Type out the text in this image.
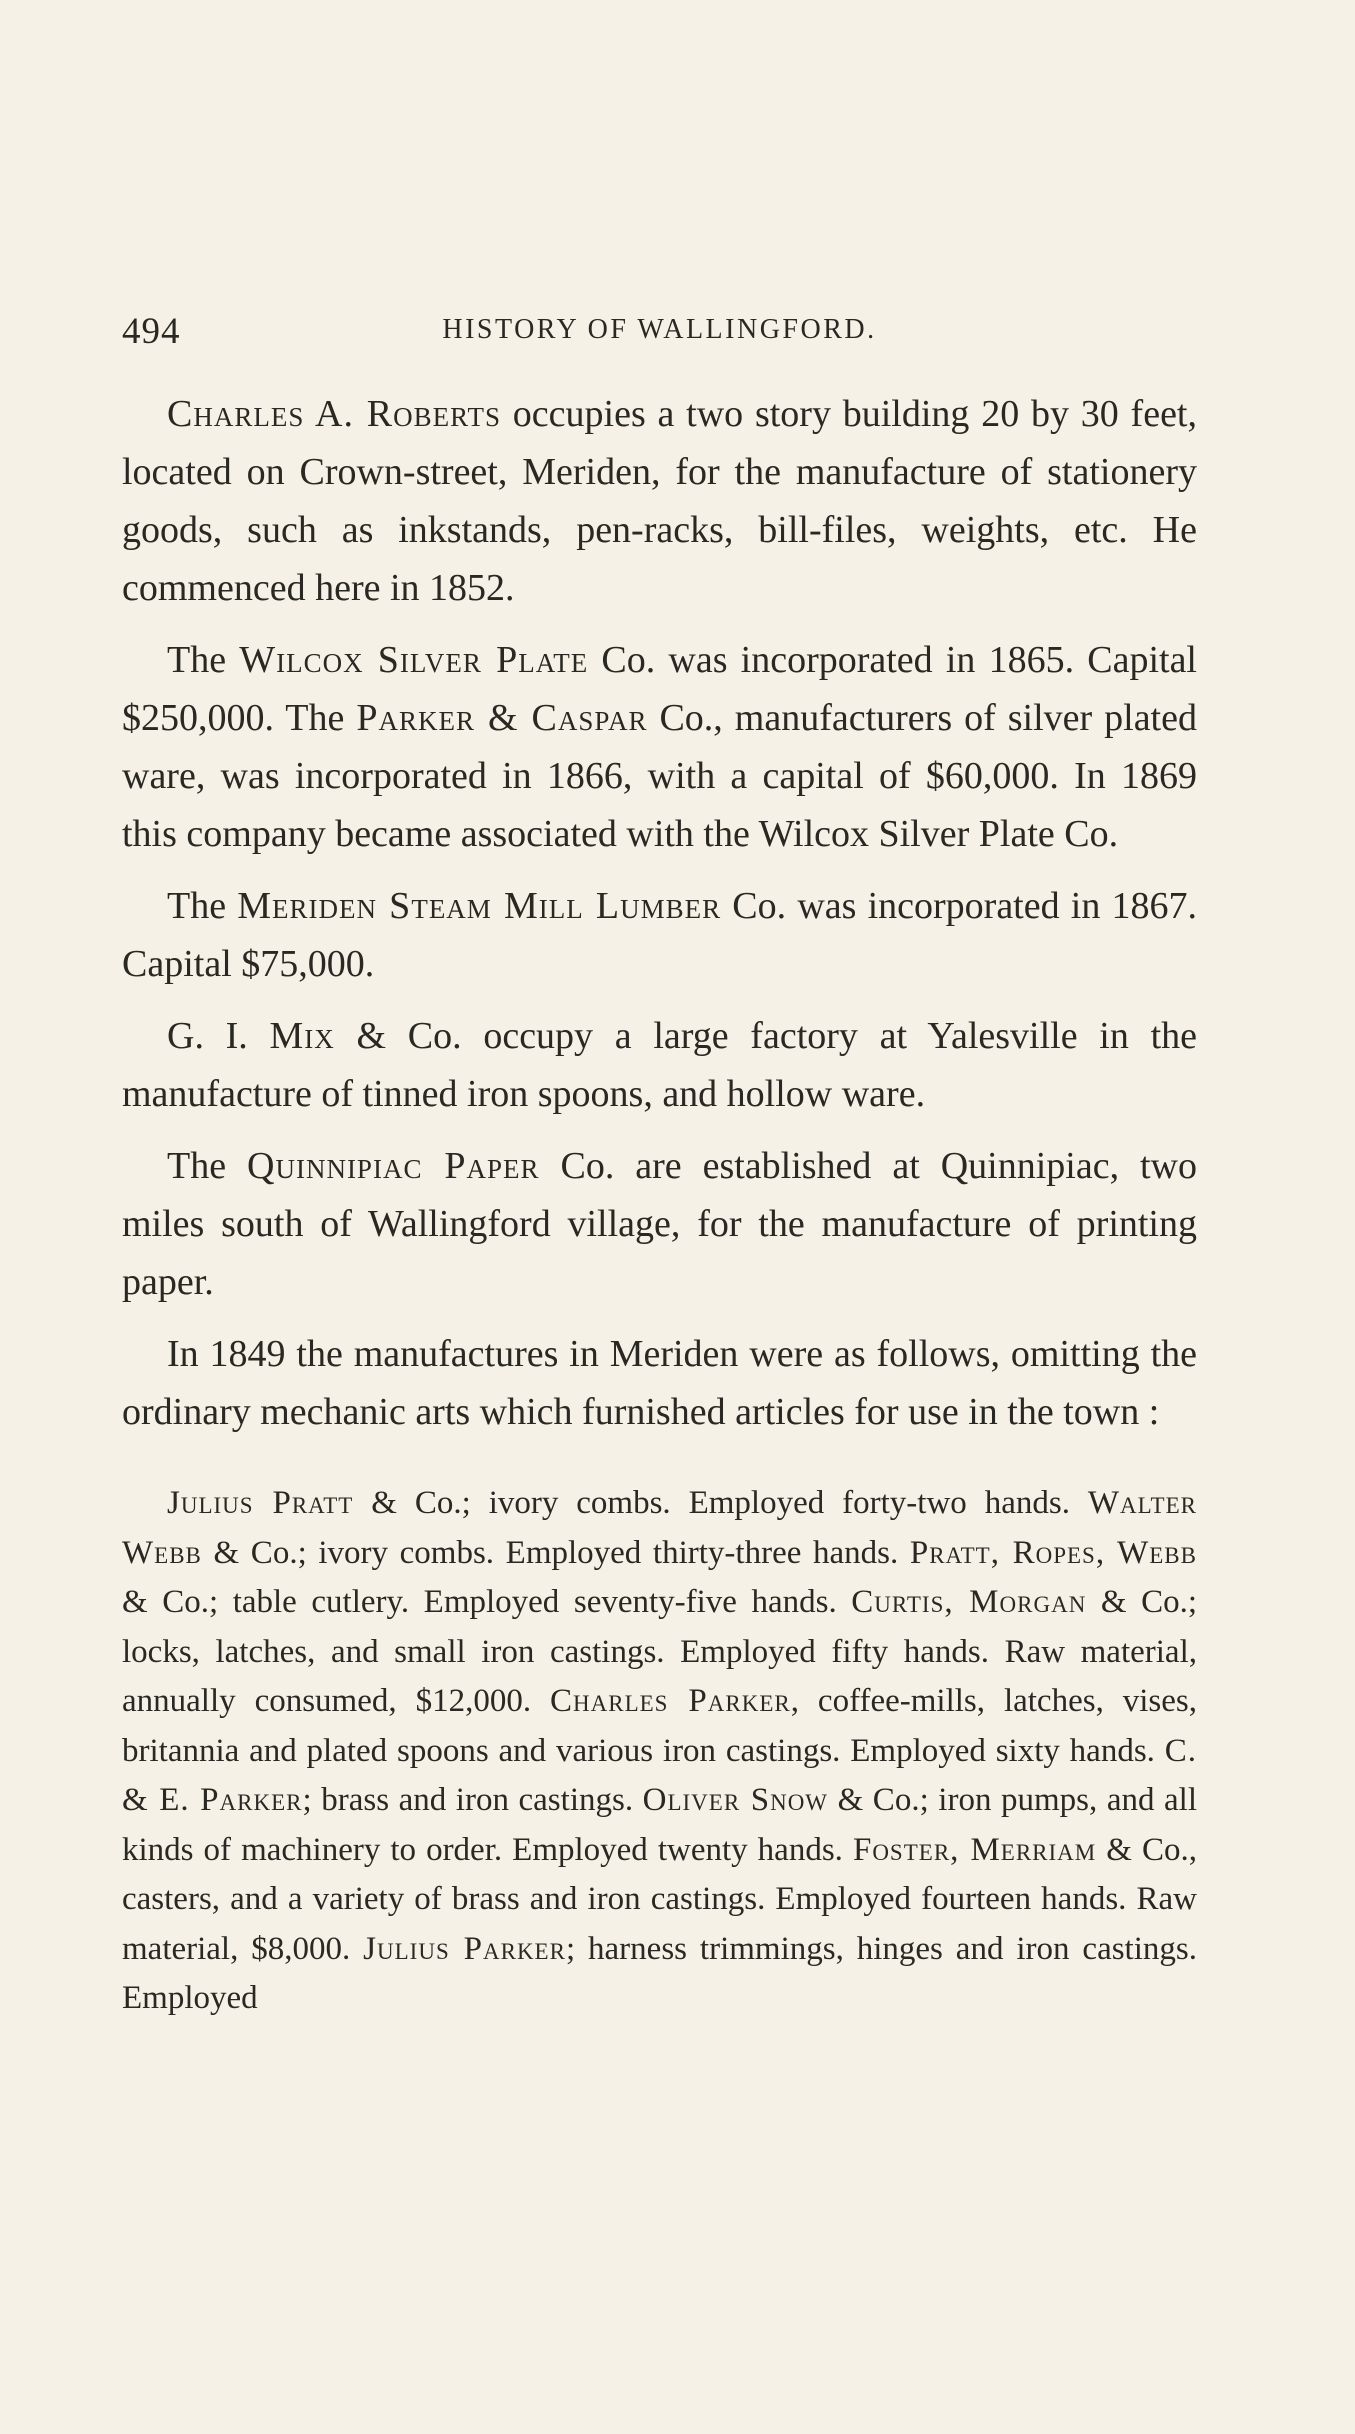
494	HISTORY OF WALLINGFORD.

Charles A. Roberts occupies a two story building 20 by 30 feet, located on Crown-street, Meriden, for the manufacture of stationery goods, such as inkstands, pen-racks, bill-files, weights, etc. He commenced here in 1852.

The Wilcox Silver Plate Co. was incorporated in 1865. Capital $250,000. The Parker & Caspar Co., manufacturers of silver plated ware, was incorporated in 1866, with a capital of $60,000. In 1869 this company became associated with the Wilcox Silver Plate Co.

The Meriden Steam Mill Lumber Co. was incorporated in 1867. Capital $75,000.

G. I. Mix & Co. occupy a large factory at Yalesville in the manufacture of tinned iron spoons, and hollow ware.

The Quinnipiac Paper Co. are established at Quinnipiac, two miles south of Wallingford village, for the manufacture of printing paper.

In 1849 the manufactures in Meriden were as follows, omitting the ordinary mechanic arts which furnished articles for use in the town :

Julius Pratt & Co.; ivory combs. Employed forty-two hands. Walter Webb & Co.; ivory combs. Employed thirty-three hands. Pratt, Ropes, Webb & Co.; table cutlery. Employed seventy-five hands. Curtis, Morgan & Co.; locks, latches, and small iron castings. Employed fifty hands. Raw material, annually consumed, $12,000. Charles Parker, coffee-mills, latches, vises, britannia and plated spoons and various iron castings. Employed sixty hands. C. & E. Parker; brass and iron castings. Oliver Snow & Co.; iron pumps, and all kinds of machinery to order. Employed twenty hands. Foster, Merriam & Co., casters, and a variety of brass and iron castings. Employed fourteen hands. Raw material, $8,000. Julius Parker; harness trimmings, hinges and iron castings. Employed
